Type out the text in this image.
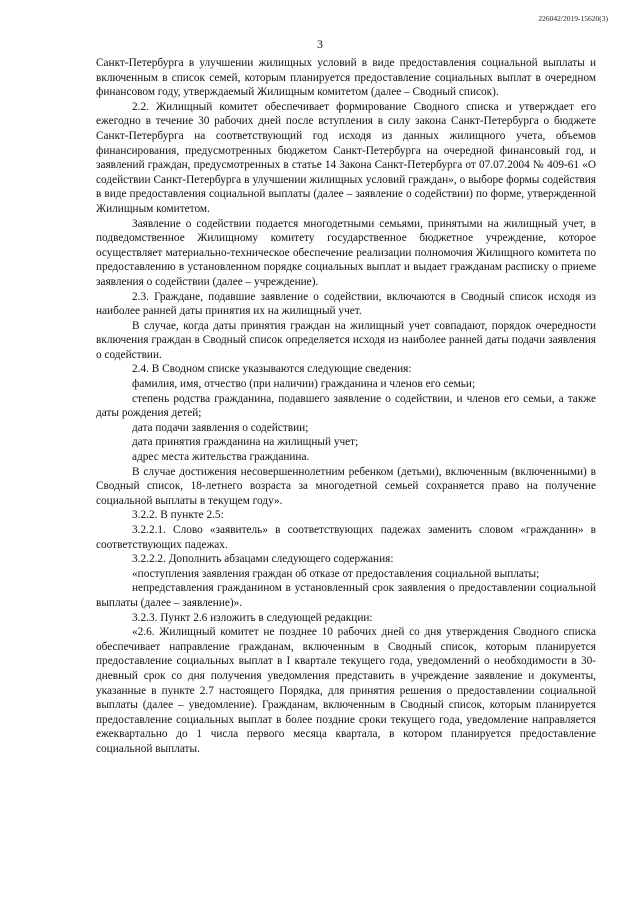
226042/2019-15620(3)
3

Санкт-Петербурга в улучшении жилищных условий в виде предоставления социальной выплаты и включенным в список семей, которым планируется предоставление социальных выплат в очередном финансовом году, утверждаемый Жилищным комитетом (далее – Сводный список).

2.2. Жилищный комитет обеспечивает формирование Сводного списка и утверждает его ежегодно в течение 30 рабочих дней после вступления в силу закона Санкт-Петербурга о бюджете Санкт-Петербурга на соответствующий год исходя из данных жилищного учета, объемов финансирования, предусмотренных бюджетом Санкт-Петербурга на очередной финансовый год, и заявлений граждан, предусмотренных в статье 14 Закона Санкт-Петербурга от 07.07.2004 № 409-61 «О содействии Санкт-Петербурга в улучшении жилищных условий граждан», о выборе формы содействия в виде предоставления социальной выплаты (далее – заявление о содействии) по форме, утвержденной Жилищным комитетом.

Заявление о содействии подается многодетными семьями, принятыми на жилищный учет, в подведомственное Жилищному комитету государственное бюджетное учреждение, которое осуществляет материально-техническое обеспечение реализации полномочия Жилищного комитета по предоставлению в установленном порядке социальных выплат и выдает гражданам расписку о приеме заявления о содействии (далее – учреждение).

2.3. Граждане, подавшие заявление о содействии, включаются в Сводный список исходя из наиболее ранней даты принятия их на жилищный учет.

В случае, когда даты принятия граждан на жилищный учет совпадают, порядок очередности включения граждан в Сводный список определяется исходя из наиболее ранней даты подачи заявления о содействии.

2.4. В Сводном списке указываются следующие сведения:

фамилия, имя, отчество (при наличии) гражданина и членов его семьи;

степень родства гражданина, подавшего заявление о содействии, и членов его семьи, а также даты рождения детей;

дата подачи заявления о содействии;

дата принятия гражданина на жилищный учет;

адрес места жительства гражданина.

В случае достижения несовершеннолетним ребенком (детьми), включенным (включенными) в Сводный список, 18-летнего возраста за многодетной семьей сохраняется право на получение социальной выплаты в текущем году».

3.2.2. В пункте 2.5:

3.2.2.1. Слово «заявитель» в соответствующих падежах заменить словом «гражданин» в соответствующих падежах.

3.2.2.2. Дополнить абзацами следующего содержания:

«поступления заявления граждан об отказе от предоставления социальной выплаты;

непредставления гражданином в установленный срок заявления о предоставлении социальной выплаты (далее – заявление)».

3.2.3. Пункт 2.6 изложить в следующей редакции:

«2.6. Жилищный комитет не позднее 10 рабочих дней со дня утверждения Сводного списка обеспечивает направление гражданам, включенным в Сводный список, которым планируется предоставление социальных выплат в I квартале текущего года, уведомлений о необходимости в 30-дневный срок со дня получения уведомления представить в учреждение заявление и документы, указанные в пункте 2.7 настоящего Порядка, для принятия решения о предоставлении социальной выплаты (далее – уведомление). Гражданам, включенным в Сводный список, которым планируется предоставление социальных выплат в более поздние сроки текущего года, уведомление направляется ежеквартально до 1 числа первого месяца квартала, в котором планируется предоставление социальной выплаты.
